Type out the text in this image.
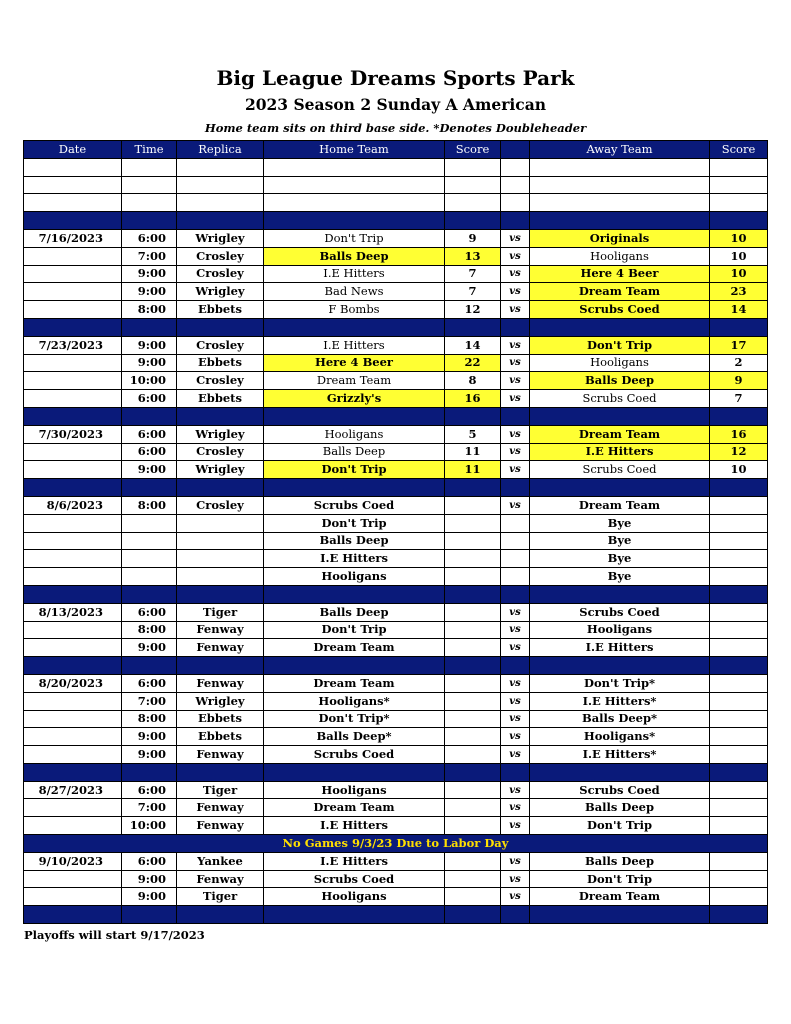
Big League Dreams Sports Park
2023 Season 2 Sunday A American
Home team sits on third base side. *Denotes Doubleheader
Date	Time	Replica	Home Team	Score		Away Team	Score

7/16/2023	6:00	Wrigley	Don't Trip	9	vs	Originals	10
	7:00	Crosley	Balls Deep	13	vs	Hooligans	10
	9:00	Crosley	I.E Hitters	7	vs	Here 4 Beer	10
	9:00	Wrigley	Bad News	7	vs	Dream Team	23
	8:00	Ebbets	F Bombs	12	vs	Scrubs Coed	14

7/23/2023	9:00	Crosley	I.E Hitters	14	vs	Don't Trip	17
	9:00	Ebbets	Here 4 Beer	22	vs	Hooligans	2
	10:00	Crosley	Dream Team	8	vs	Balls Deep	9
	6:00	Ebbets	Grizzly's	16	vs	Scrubs Coed	7

7/30/2023	6:00	Wrigley	Hooligans	5	vs	Dream Team	16
	6:00	Crosley	Balls Deep	11	vs	I.E Hitters	12
	9:00	Wrigley	Don't Trip	11	vs	Scrubs Coed	10

8/6/2023	8:00	Crosley	Scrubs Coed		vs	Dream Team	
			Don't Trip			Bye	
			Balls Deep			Bye	
			I.E Hitters			Bye	
			Hooligans			Bye	

8/13/2023	6:00	Tiger	Balls Deep		vs	Scrubs Coed	
	8:00	Fenway	Don't Trip		vs	Hooligans	
	9:00	Fenway	Dream Team		vs	I.E Hitters	

8/20/2023	6:00	Fenway	Dream Team		vs	Don't Trip*	
	7:00	Wrigley	Hooligans*		vs	I.E Hitters*	
	8:00	Ebbets	Don't Trip*		vs	Balls Deep*	
	9:00	Ebbets	Balls Deep*		vs	Hooligans*	
	9:00	Fenway	Scrubs Coed		vs	I.E Hitters*	

8/27/2023	6:00	Tiger	Hooligans		vs	Scrubs Coed	
	7:00	Fenway	Dream Team		vs	Balls Deep	
	10:00	Fenway	I.E Hitters		vs	Don't Trip	
No Games 9/3/23 Due to Labor Day							
9/10/2023	6:00	Yankee	I.E Hitters		vs	Balls Deep	
	9:00	Fenway	Scrubs Coed		vs	Don't Trip	
	9:00	Tiger	Hooligans		vs	Dream Team	

Playoffs will start 9/17/2023
